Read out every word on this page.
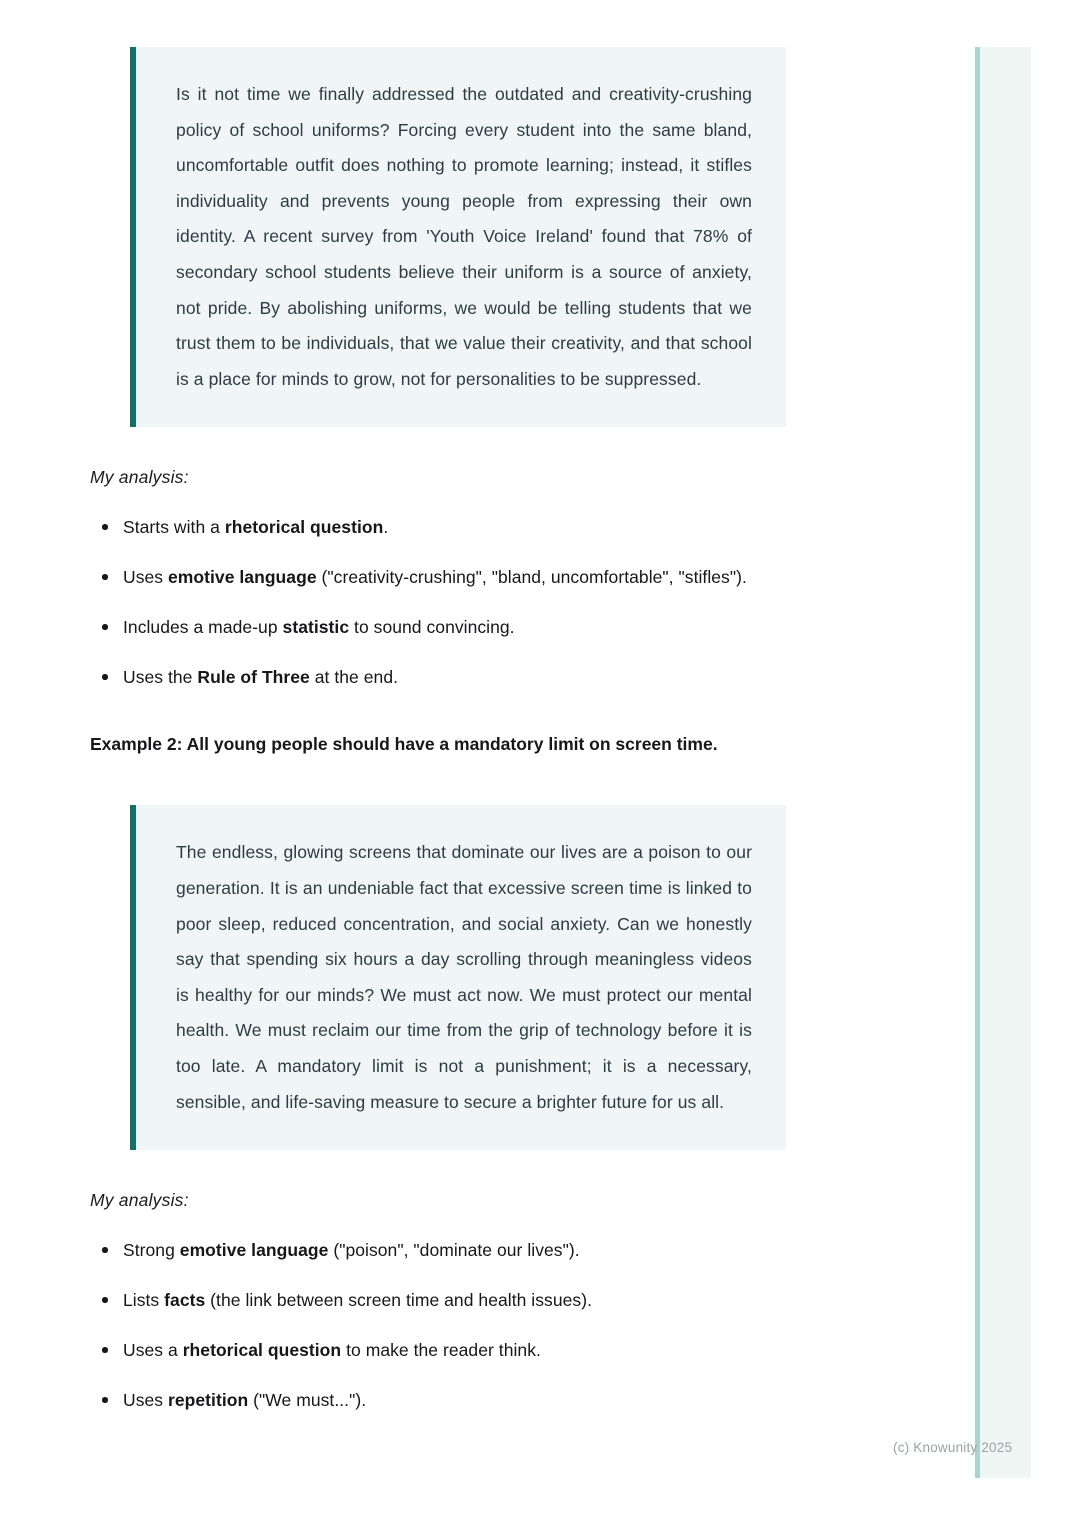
Is it not time we finally addressed the outdated and creativity-crushing policy of school uniforms? Forcing every student into the same bland, uncomfortable outfit does nothing to promote learning; instead, it stifles individuality and prevents young people from expressing their own identity. A recent survey from 'Youth Voice Ireland' found that 78% of secondary school students believe their uniform is a source of anxiety, not pride. By abolishing uniforms, we would be telling students that we trust them to be individuals, that we value their creativity, and that school is a place for minds to grow, not for personalities to be suppressed.

My analysis:

Starts with a rhetorical question.
Uses emotive language ("creativity-crushing", "bland, uncomfortable", "stifles").
Includes a made-up statistic to sound convincing.
Uses the Rule of Three at the end.

Example 2: All young people should have a mandatory limit on screen time.

The endless, glowing screens that dominate our lives are a poison to our generation. It is an undeniable fact that excessive screen time is linked to poor sleep, reduced concentration, and social anxiety. Can we honestly say that spending six hours a day scrolling through meaningless videos is healthy for our minds? We must act now. We must protect our mental health. We must reclaim our time from the grip of technology before it is too late. A mandatory limit is not a punishment; it is a necessary, sensible, and life-saving measure to secure a brighter future for us all.

My analysis:

Strong emotive language ("poison", "dominate our lives").
Lists facts (the link between screen time and health issues).
Uses a rhetorical question to make the reader think.
Uses repetition ("We must...").
(c) Knowunity 2025
